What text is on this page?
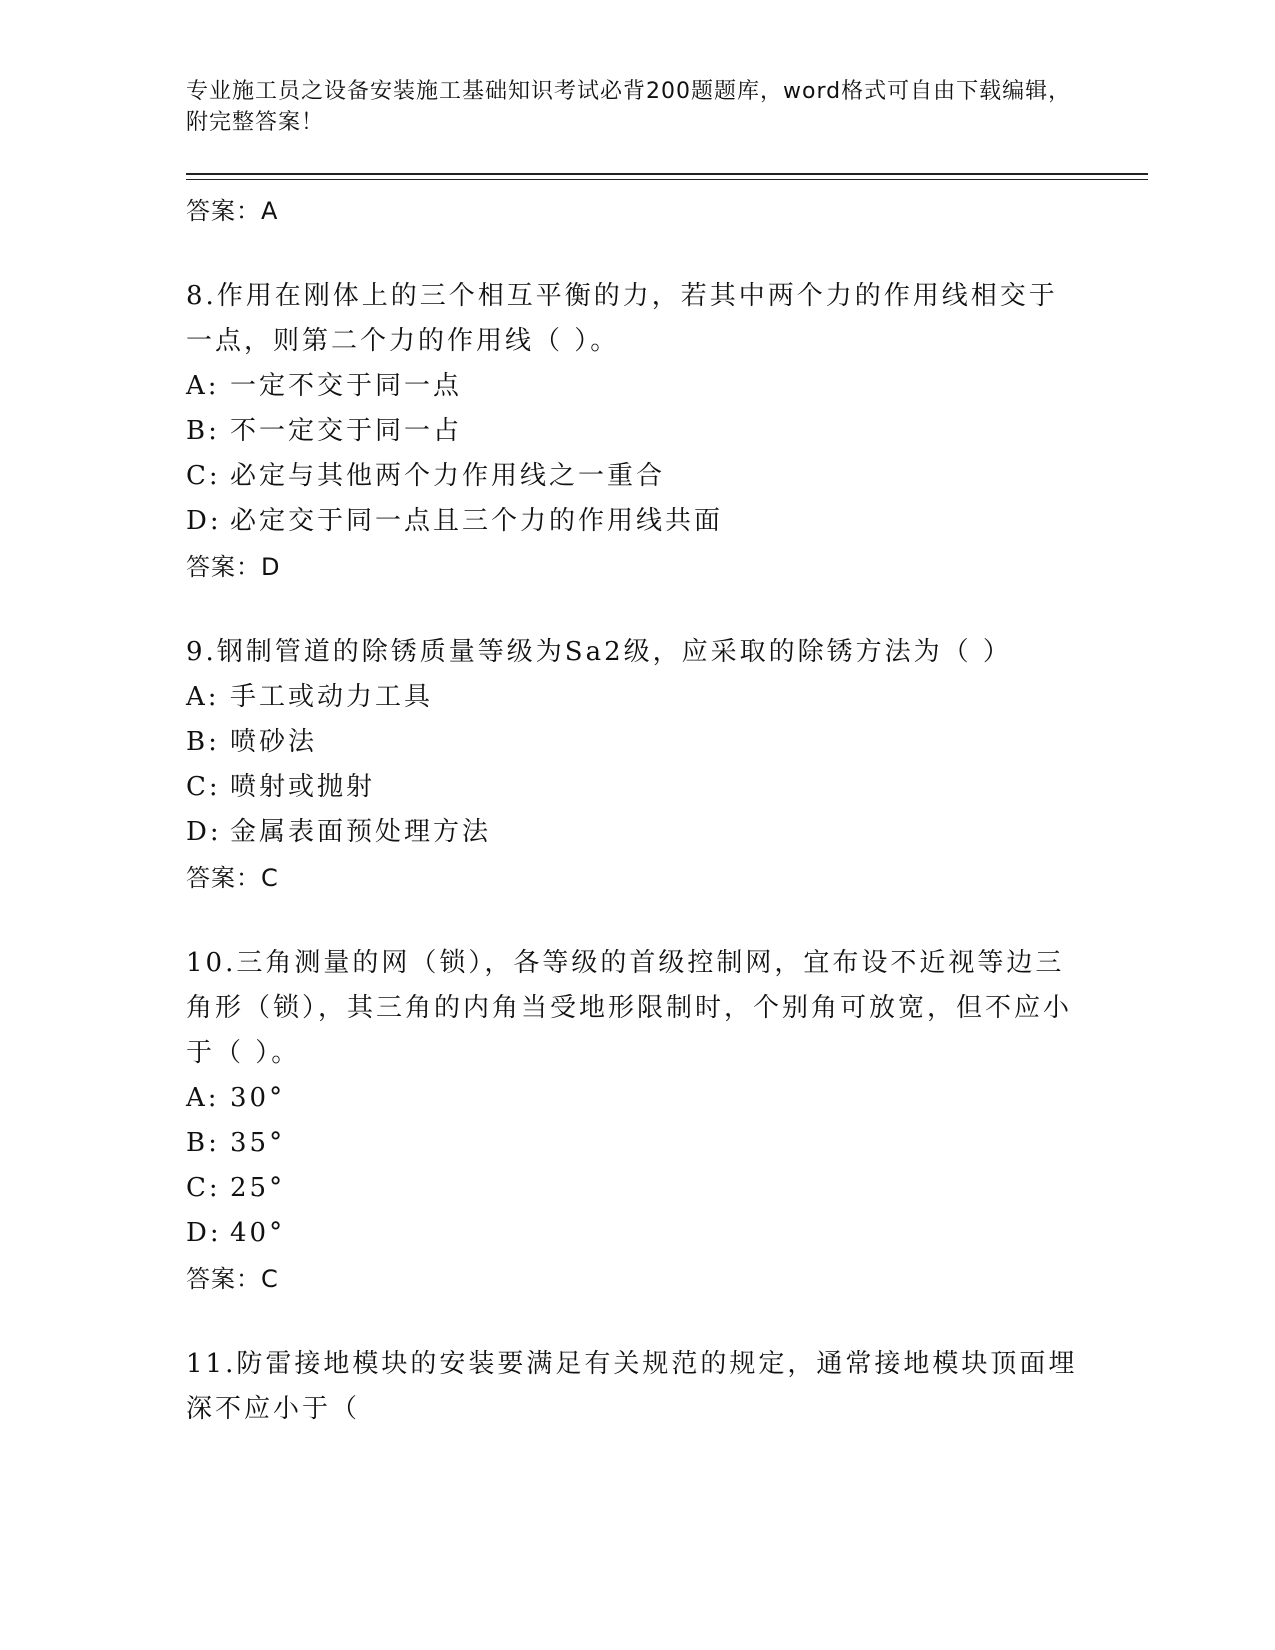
专业施工员之设备安装施工基础知识考试必背200题题库，word格式可自由下载编辑，附完整答案！
答案：A
8.作用在刚体上的三个相互平衡的力，若其中两个力的作用线相交于一点，则第二个力的作用线（ ）。
A: 一定不交于同一点
B: 不一定交于同一占
C: 必定与其他两个力作用线之一重合
D: 必定交于同一点且三个力的作用线共面
答案：D
9.钢制管道的除锈质量等级为Sa2级，应采取的除锈方法为（ ）
A: 手工或动力工具
B: 喷砂法
C: 喷射或抛射
D: 金属表面预处理方法
答案：C
10.三角测量的网（锁），各等级的首级控制网，宜布设不近视等边三角形（锁），其三角的内角当受地形限制时，个别角可放宽，但不应小于（ ）。
A: 30°
B: 35°
C: 25°
D: 40°
答案：C
11.防雷接地模块的安装要满足有关规范的规定，通常接地模块顶面埋深不应小于（
